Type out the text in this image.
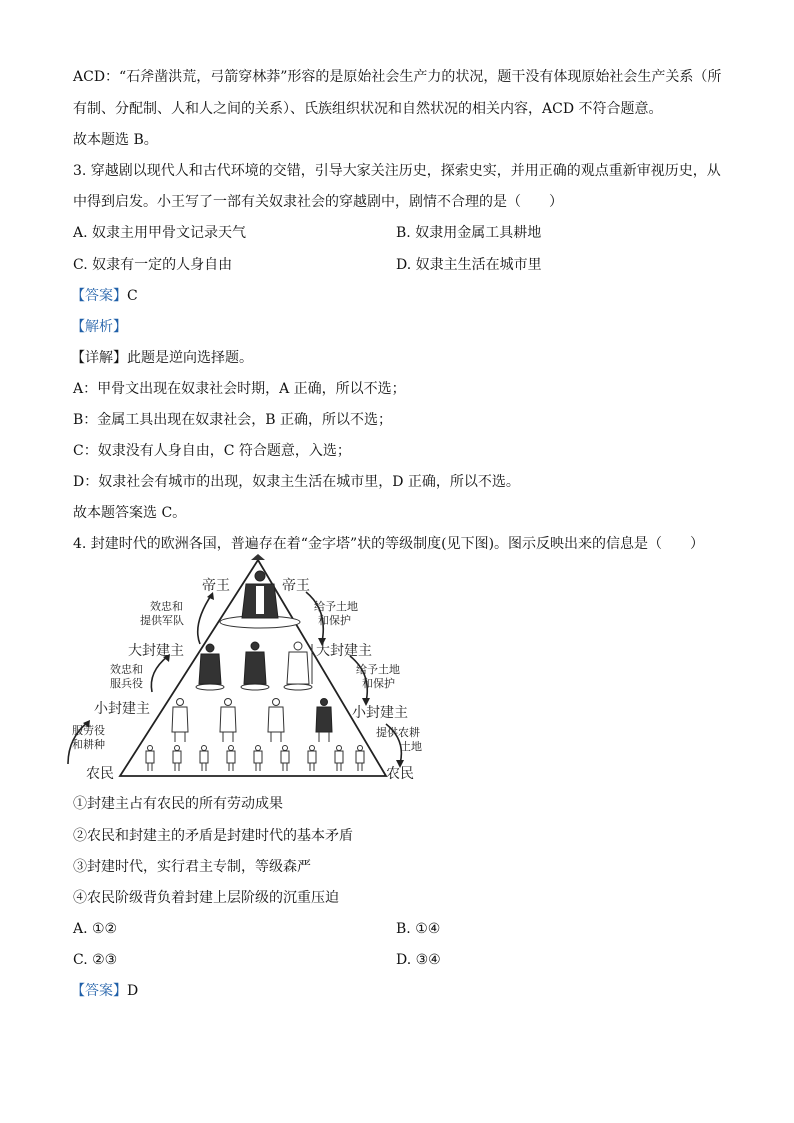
ACD：“石斧凿洪荒，弓箭穿林莽”形容的是原始社会生产力的状况，题干没有体现原始社会生产关系（所
有制、分配制、人和人之间的关系）、氏族组织状况和自然状况的相关内容，ACD 不符合题意。
故本题选 B。
3. 穿越剧以现代人和古代环境的交错，引导大家关注历史，探索史实，并用正确的观点重新审视历史，从
中得到启发。小王写了一部有关奴隶社会的穿越剧中，剧情不合理的是（　　）
A. 奴隶主用甲骨文记录天气	B. 奴隶用金属工具耕地
C. 奴隶有一定的人身自由	D. 奴隶主生活在城市里
【答案】C
【解析】
【详解】此题是逆向选择题。
A：甲骨文出现在奴隶社会时期，A 正确，所以不选；
B：金属工具出现在奴隶社会，B 正确，所以不选；
C：奴隶没有人身自由，C 符合题意，入选；
D：奴隶社会有城市的出现，奴隶主生活在城市里，D 正确，所以不选。
故本题答案选 C。
4. 封建时代的欧洲各国，普遍存在着“金字塔”状的等级制度(见下图)。图示反映出来的信息是（　　）
帝王	帝王
大封建主	大封建主
小封建主	小封建主
农民	农民
效忠和
提供军队
给予土地
和保护
效忠和
服兵役
给予土地
和保护
服劳役
和耕种
提供农耕
土地
①封建主占有农民的所有劳动成果
②农民和封建主的矛盾是封建时代的基本矛盾
③封建时代，实行君主专制，等级森严
④农民阶级背负着封建上层阶级的沉重压迫
A. ①②	B. ①④
C. ②③	D. ③④
【答案】D
